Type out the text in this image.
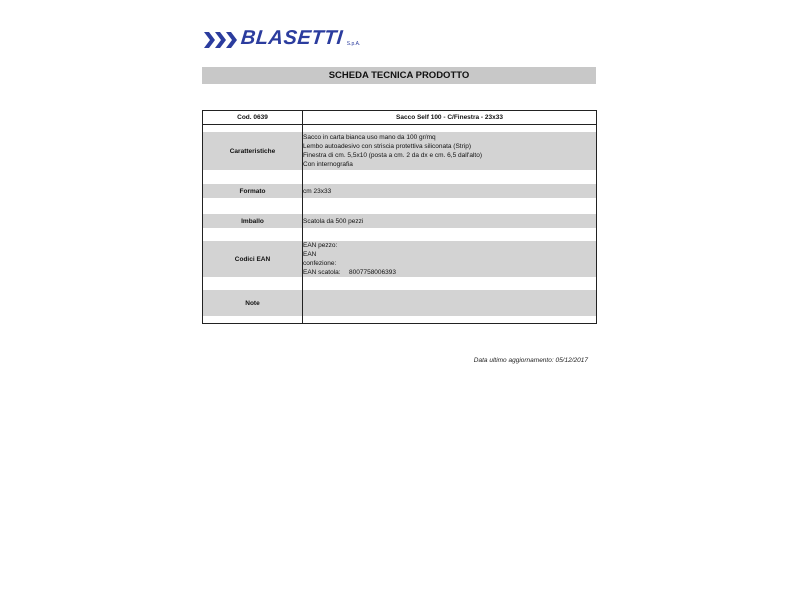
BLASETTI S.p.A.
SCHEDA TECNICA PRODOTTO
Cod. 0639	Sacco Self 100 - C/Finestra - 23x33

Caratteristiche	Sacco in carta bianca uso mano da 100 gr/mq
Lembo autoadesivo con striscia protettiva siliconata (Strip)
Finestra di cm. 5,5x10 (posta a cm. 2 da dx e cm. 6,5 dall'alto)
Con internografia

Formato	cm 23x33

Imballo	Scatola da 500 pezzi

Codici EAN	EAN pezzo:
EAN confezione:
EAN scatola: 8007758006393

Note	

Data ultimo aggiornamento: 05/12/2017
